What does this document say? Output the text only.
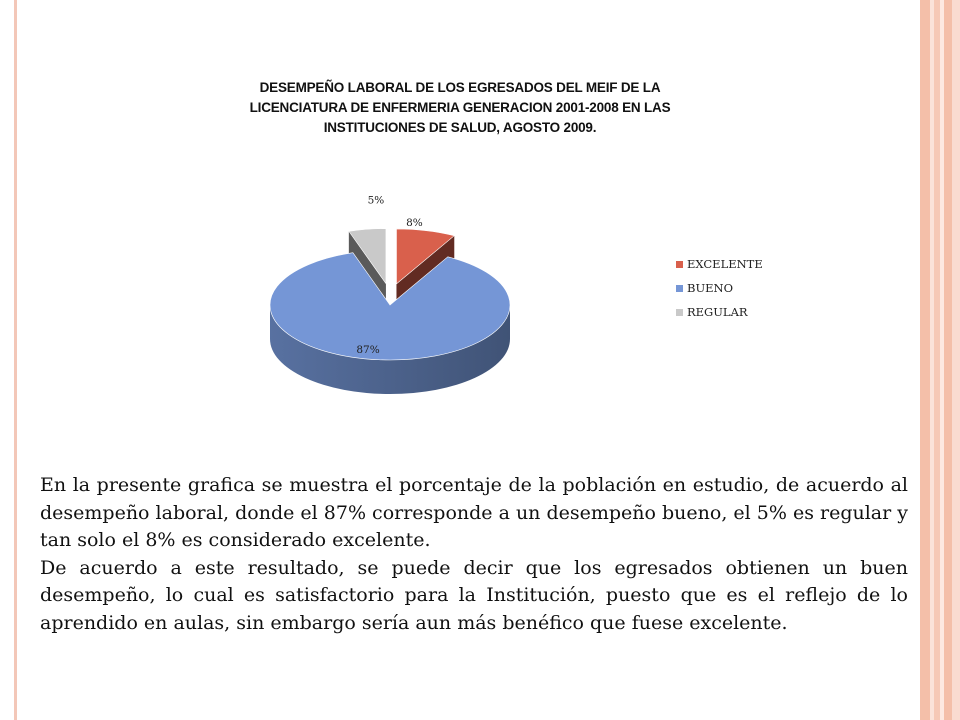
DESEMPEÑO LABORAL DE LOS EGRESADOS DEL MEIF DE LA
LICENCIATURA DE ENFERMERIA GENERACION 2001-2008 EN LAS
INSTITUCIONES DE SALUD, AGOSTO 2009.
8%
87%
5%
EXCELENTE
BUENO
REGULAR

En la presente grafica se muestra el porcentaje de la población en estudio, de acuerdo al desempeño laboral, donde el 87% corresponde a un desempeño bueno, el 5% es regular y tan solo el 8% es considerado excelente.

De acuerdo a este resultado, se puede decir que los egresados obtienen un buen desempeño, lo cual es satisfactorio para la Institución, puesto que es el reflejo de lo aprendido en aulas, sin embargo sería aun más benéfico que fuese excelente.
